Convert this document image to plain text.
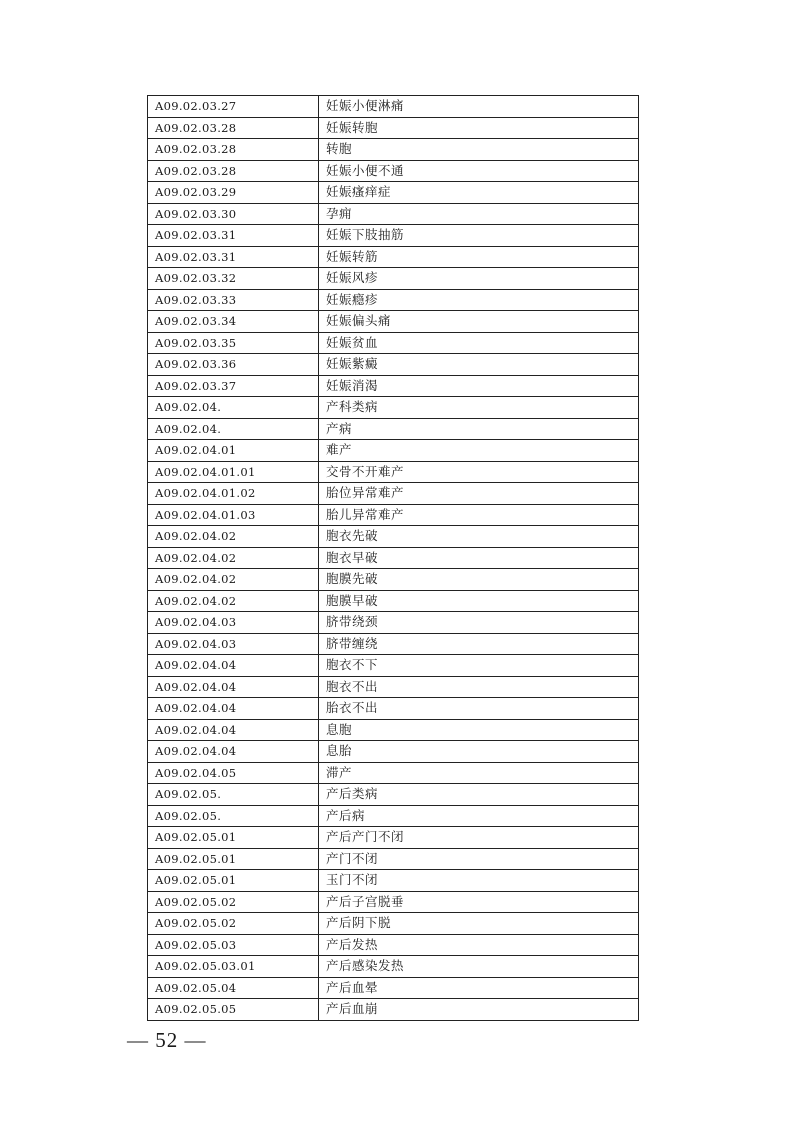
A09.02.03.27	妊娠小便淋痛
A09.02.03.28	妊娠转胞
A09.02.03.28	转胞
A09.02.03.28	妊娠小便不通
A09.02.03.29	妊娠瘙痒症
A09.02.03.30	孕痈
A09.02.03.31	妊娠下肢抽筋
A09.02.03.31	妊娠转筋
A09.02.03.32	妊娠风疹
A09.02.03.33	妊娠瘾疹
A09.02.03.34	妊娠偏头痛
A09.02.03.35	妊娠贫血
A09.02.03.36	妊娠紫癜
A09.02.03.37	妊娠消渴
A09.02.04.	产科类病
A09.02.04.	产病
A09.02.04.01	难产
A09.02.04.01.01	交骨不开难产
A09.02.04.01.02	胎位异常难产
A09.02.04.01.03	胎儿异常难产
A09.02.04.02	胞衣先破
A09.02.04.02	胞衣早破
A09.02.04.02	胞膜先破
A09.02.04.02	胞膜早破
A09.02.04.03	脐带绕颈
A09.02.04.03	脐带缠绕
A09.02.04.04	胞衣不下
A09.02.04.04	胞衣不出
A09.02.04.04	胎衣不出
A09.02.04.04	息胞
A09.02.04.04	息胎
A09.02.04.05	滞产
A09.02.05.	产后类病
A09.02.05.	产后病
A09.02.05.01	产后产门不闭
A09.02.05.01	产门不闭
A09.02.05.01	玉门不闭
A09.02.05.02	产后子宫脱垂
A09.02.05.02	产后阴下脱
A09.02.05.03	产后发热
A09.02.05.03.01	产后感染发热
A09.02.05.04	产后血晕
A09.02.05.05	产后血崩
— 52 —
